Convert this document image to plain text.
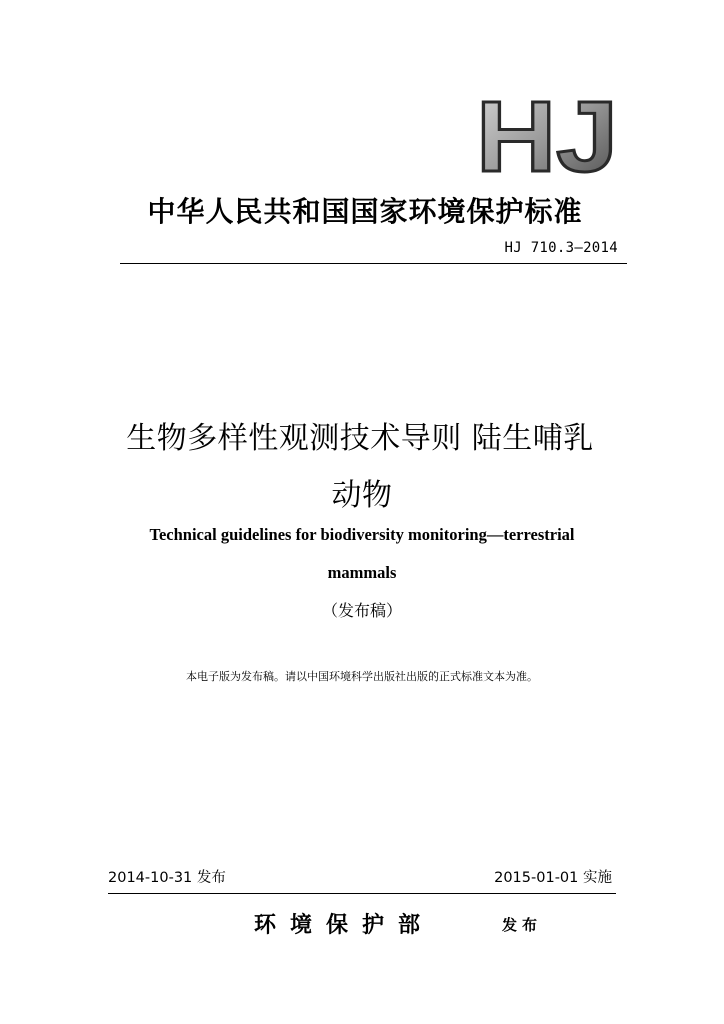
HJ
中华人民共和国国家环境保护标准
HJ 710.3—2014
生物多样性观测技术导则 陆生哺乳
动物
Technical guidelines for biodiversity monitoring—terrestrial
mammals
（发布稿）
本电子版为发布稿。请以中国环境科学出版社出版的正式标准文本为准。
2014-10-31 发布	2015-01-01 实施
环境保护部	发布
